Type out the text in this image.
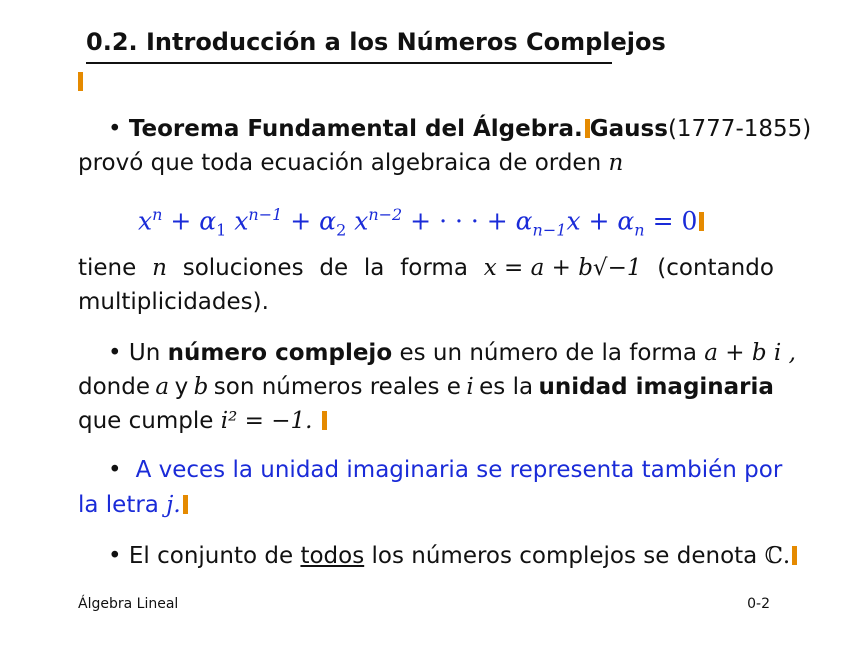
0.2. Introducción a los Números Complejos
• Teorema Fundamental del Álgebra. Gauss (1777-1855)
provó que toda ecuación algebraica de orden n
$x^n + \alpha_1$ $x^{n-1} + \alpha_2$ $x^{n-2}$ + · · · + $\alpha_{n-1}x + \alpha_n = 0$
tiene n soluciones de la forma x = a + b√−1 (contando
multiplicidades).
• Un número complejo es un número de la forma a + b i ,
donde a y b son números reales e i es la unidad imaginaria
que cumple i² = −1.
• A veces la unidad imaginaria se representa también por
la letra j.
• El conjunto de todos los números complejos se denota ℂ.
Álgebra Lineal	0-2
